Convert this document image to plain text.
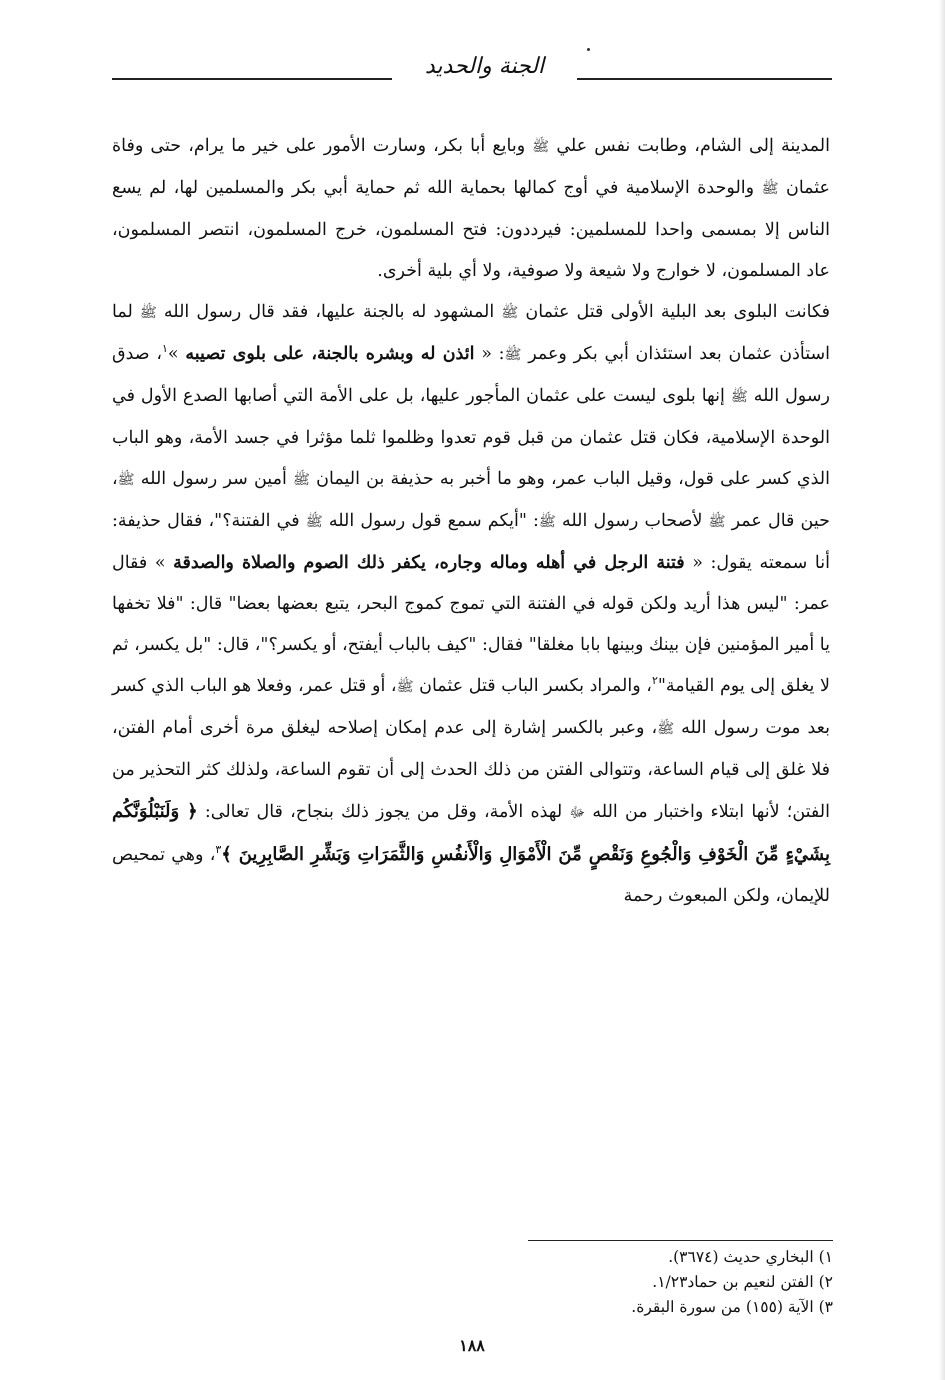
الجنة والحديد

المدينة إلى الشام، وطابت نفس علي ﷺ وبايع أبا بكر، وسارت الأمور على خير ما يرام، حتى وفاة عثمان ﷺ والوحدة الإسلامية في أوج كمالها بحماية الله ثم حماية أبي بكر والمسلمين لها، لم يسع الناس إلا بمسمى واحدا للمسلمين: فيرددون: فتح المسلمون، خرج المسلمون، انتصر المسلمون، عاد المسلمون، لا خوارج ولا شيعة ولا صوفية، ولا أي بلية أخرى.

فكانت البلوى بعد البلية الأولى قتل عثمان ﷺ المشهود له بالجنة عليها، فقد قال رسول الله ﷺ لما استأذن عثمان بعد استئذان أبي بكر وعمر ﷺ: « ائذن له وبشره بالجنة، على بلوى تصيبه »$^١$، صدق رسول الله ﷺ إنها بلوى ليست على عثمان المأجور عليها، بل على الأمة التي أصابها الصدع الأول في الوحدة الإسلامية، فكان قتل عثمان من قبل قوم تعدوا وظلموا ثلما مؤثرا في جسد الأمة، وهو الباب الذي كسر على قول، وقيل الباب عمر، وهو ما أخبر به حذيفة بن اليمان ﷺ أمين سر رسول الله ﷺ، حين قال عمر ﷺ لأصحاب رسول الله ﷺ: "أيكم سمع قول رسول الله ﷺ في الفتنة؟"، فقال حذيفة: أنا سمعته يقول: « فتنة الرجل في أهله وماله وجاره، يكفر ذلك الصوم والصلاة والصدقة » فقال عمر: "ليس هذا أريد ولكن قوله في الفتنة التي تموج كموج البحر، يتبع بعضها بعضا" قال: "فلا تخفها يا أمير المؤمنين فإن بينك وبينها بابا مغلقا" فقال: "كيف بالباب أيفتح، أو يكسر؟"، قال: "بل يكسر، ثم لا يغلق إلى يوم القيامة"$^٢$، والمراد بكسر الباب قتل عثمان ﷺ، أو قتل عمر، وفعلا هو الباب الذي كسر بعد موت رسول الله ﷺ، وعبر بالكسر إشارة إلى عدم إمكان إصلاحه ليغلق مرة أخرى أمام الفتن، فلا غلق إلى قيام الساعة، وتتوالى الفتن من ذلك الحدث إلى أن تقوم الساعة، ولذلك كثر التحذير من الفتن؛ لأنها ابتلاء واختبار من الله ﷻ لهذه الأمة، وقل من يجوز ذلك بنجاح، قال تعالى: ﴿ وَلَنَبْلُوَنَّكُم بِشَيْءٍ مِّنَ الْخَوْفِ وَالْجُوعِ وَنَقْصٍ مِّنَ الْأَمْوَالِ وَالْأَنفُسِ وَالثَّمَرَاتِ وَبَشِّرِ الصَّابِرِينَ ﴾$^٣$، وهي تمحيص للإيمان، ولكن المبعوث رحمة

١) البخاري حديث (٣٦٧٤).
٢) الفتن لنعيم بن حماد١/٢٣.
٣) الآية (١٥٥) من سورة البقرة.
١٨٨
